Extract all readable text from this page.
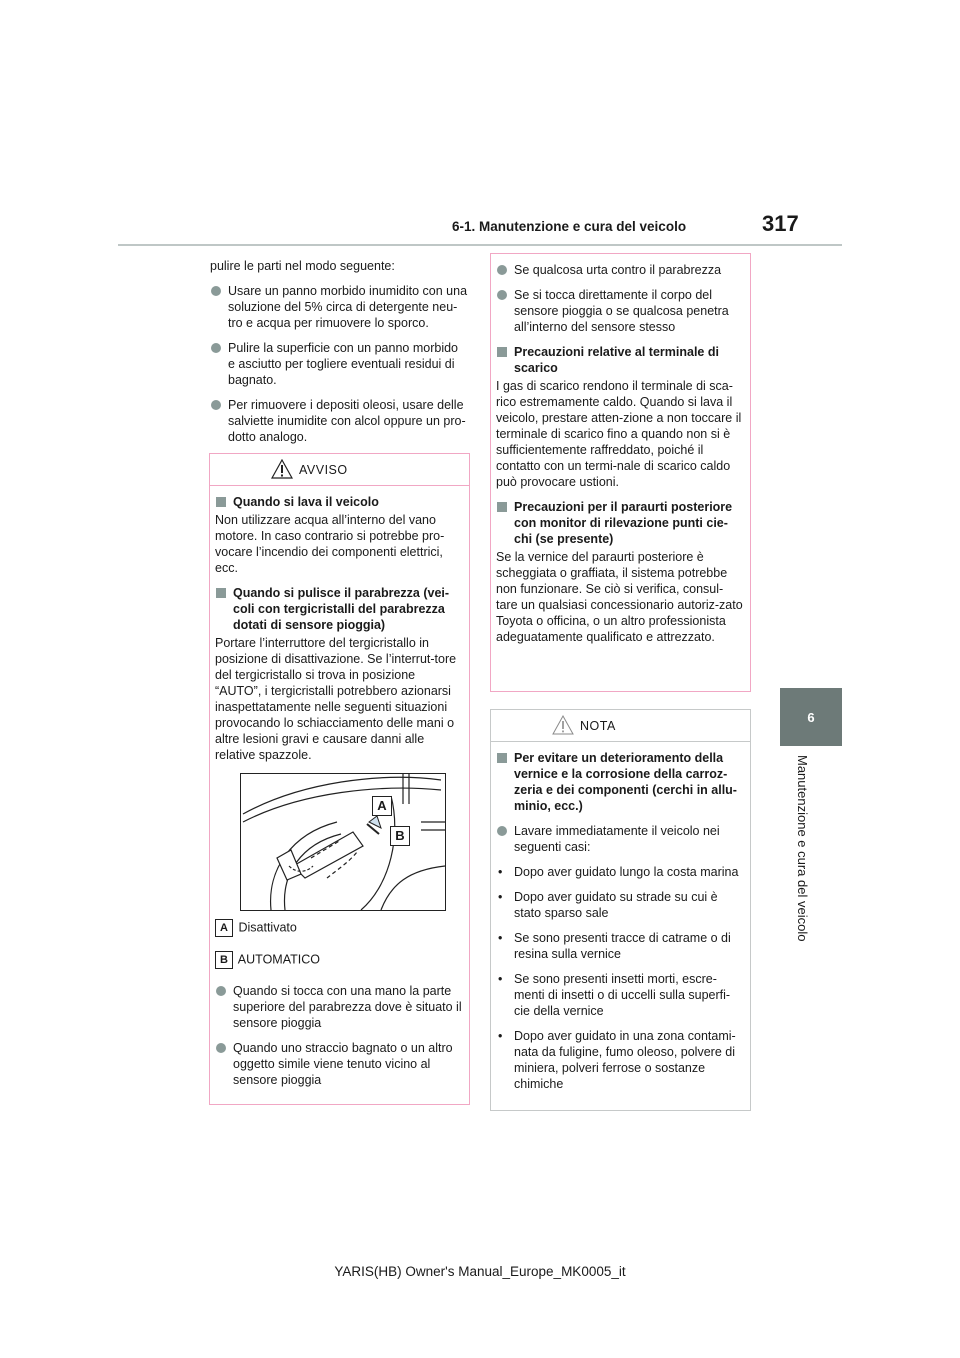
6-1. Manutenzione e cura del veicolo	317
6
Manutenzione e cura del veicolo

pulire le parti nel modo seguente:

Usare un panno morbido inumidito con una soluzione del 5% circa di detergente neu-tro e acqua per rimuovere lo sporco.
Pulire la superficie con un panno morbido e asciutto per togliere eventuali residui di bagnato.
Per rimuovere i depositi oleosi, usare delle salviette inumidite con alcol oppure un pro-dotto analogo.
AVVISO
Quando si lava il veicolo

Non utilizzare acqua all’interno del vano motore. In caso contrario si potrebbe pro-vocare l’incendio dei componenti elettrici, ecc.

Quando si pulisce il parabrezza (vei-coli con tergicristalli del parabrezza dotati di sensore pioggia)

Portare l’interruttore del tergicristallo in posizione di disattivazione. Se l’interrut-tore del tergicristallo si trova in posizione “AUTO”, i tergicristalli potrebbero azionarsi inaspettatamente nelle seguenti situazioni provocando lo schiacciamento delle mani o altre lesioni gravi e causare danni alle relative spazzole.

A
B
A Disattivato
B AUTOMATICO
Quando si tocca con una mano la parte superiore del parabrezza dove è situato il sensore pioggia
Quando uno straccio bagnato o un altro oggetto simile viene tenuto vicino al sensore pioggia
Se qualcosa urta contro il parabrezza
Se si tocca direttamente il corpo del sensore pioggia o se qualcosa penetra all’interno del sensore stesso
Precauzioni relative al terminale di scarico

I gas di scarico rendono il terminale di sca-rico estremamente caldo. Quando si lava il veicolo, prestare atten-zione a non toccare il terminale di scarico fino a quando non si è sufficientemente raffreddato, poiché il contatto con un termi-nale di scarico caldo può provocare ustioni.

Precauzioni per il paraurti posteriore con monitor di rilevazione punti cie-chi (se presente)

Se la vernice del paraurti posteriore è scheggiata o graffiata, il sistema potrebbe non funzionare. Se ciò si verifica, consul-tare un qualsiasi concessionario autoriz-zato Toyota o officina, o un altro professionista adeguatamente qualificato e attrezzato.

NOTA
Per evitare un deterioramento della vernice e la corrosione della carroz-zeria e dei componenti (cerchi in allu-minio, ecc.)
Lavare immediatamente il veicolo nei seguenti casi:
• Dopo aver guidato lungo la costa marina
• Dopo aver guidato su strade su cui è stato sparso sale
• Se sono presenti tracce di catrame o di resina sulla vernice
• Se sono presenti insetti morti, escre-menti di insetti o di uccelli sulla superfi-cie della vernice
• Dopo aver guidato in una zona contami-nata da fuligine, fumo oleoso, polvere di miniera, polveri ferrose o sostanze chimiche
YARIS(HB) Owner's Manual_Europe_MK0005_it
